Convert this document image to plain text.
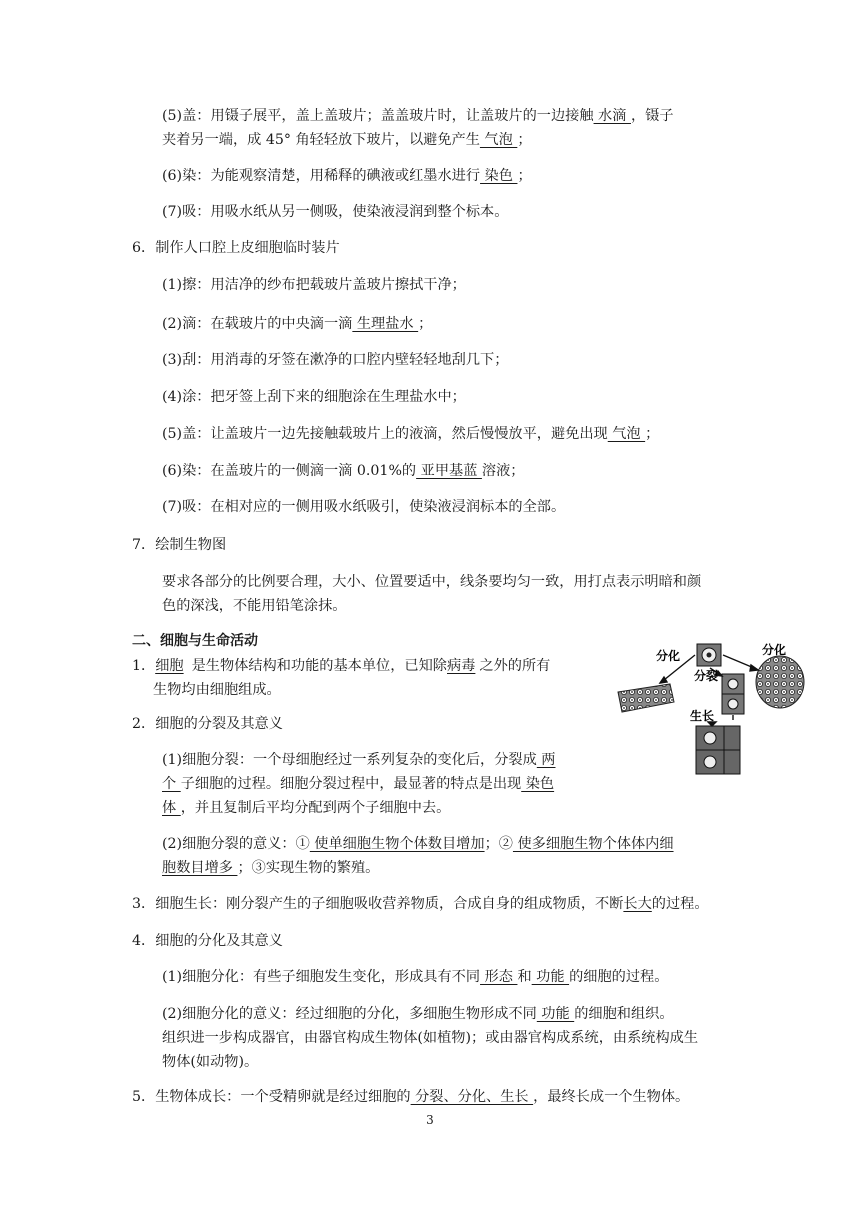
(5)盖：用镊子展平，盖上盖玻片；盖盖玻片时，让盖玻片的一边接触 水滴 ，镊子
夹着另一端，成 45° 角轻轻放下玻片，以避免产生 气泡 ；
(6)染：为能观察清楚，用稀释的碘液或红墨水进行 染色 ；
(7)吸：用吸水纸从另一侧吸，使染液浸润到整个标本。
6．制作人口腔上皮细胞临时装片
(1)擦：用洁净的纱布把载玻片盖玻片擦拭干净；
(2)滴：在载玻片的中央滴一滴 生理盐水 ；
(3)刮：用消毒的牙签在漱净的口腔内壁轻轻地刮几下；
(4)涂：把牙签上刮下来的细胞涂在生理盐水中；
(5)盖：让盖玻片一边先接触载玻片上的液滴，然后慢慢放平，避免出现 气泡 ；
(6)染：在盖玻片的一侧滴一滴 0.01%的 亚甲基蓝 溶液；
(7)吸：在相对应的一侧用吸水纸吸引，使染液浸润标本的全部。
7．绘制生物图
要求各部分的比例要合理，大小、位置要适中，线条要均匀一致，用打点表示明暗和颜
色的深浅，不能用铅笔涂抹。
二、细胞与生命活动
1．细胞 是生物体结构和功能的基本单位，已知除病毒 之外的所有
生物均由细胞组成。
2．细胞的分裂及其意义
(1)细胞分裂：一个母细胞经过一系列复杂的变化后，分裂成 两
个 子细胞的过程。细胞分裂过程中，最显著的特点是出现 染色
体 ，并且复制后平均分配到两个子细胞中去。
(2)细胞分裂的意义：① 使单细胞生物个体数目增加；② 使多细胞生物个体体内细
胞数目增多 ；③实现生物的繁殖。
3．细胞生长：刚分裂产生的子细胞吸收营养物质，合成自身的组成物质，不断长大的过程。
4．细胞的分化及其意义
(1)细胞分化：有些子细胞发生变化，形成具有不同 形态 和 功能 的细胞的过程。
(2)细胞分化的意义：经过细胞的分化，多细胞生物形成不同 功能 的细胞和组织。
组织进一步构成器官，由器官构成生物体(如植物)；或由器官构成系统，由系统构成生
物体(如动物)。
5．生物体成长：一个受精卵就是经过细胞的 分裂、分化、生长 ，最终长成一个生物体。
3
分化	分化
分裂
生长
